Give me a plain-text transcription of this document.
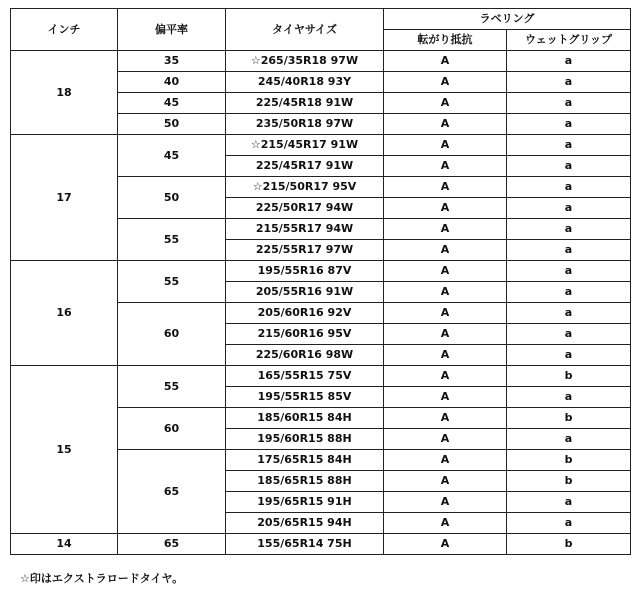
インチ	偏平率	タイヤサイズ	ラベリング	
			転がり抵抗	ウェットグリップ
18	35	☆265/35R18 97W	A	a
	40	245/40R18 93Y	A	a
	45	225/45R18 91W	A	a
	50	235/50R18 97W	A	a
17	45	☆215/45R17 91W	A	a
		225/45R17 91W	A	a
	50	☆215/50R17 95V	A	a
		225/50R17 94W	A	a
	55	215/55R17 94W	A	a
		225/55R17 97W	A	a
16	55	195/55R16 87V	A	a
		205/55R16 91W	A	a
	60	205/60R16 92V	A	a
		215/60R16 95V	A	a
		225/60R16 98W	A	a
15	55	165/55R15 75V	A	b
		195/55R15 85V	A	a
	60	185/60R15 84H	A	b
		195/60R15 88H	A	a
	65	175/65R15 84H	A	b
		185/65R15 88H	A	b
		195/65R15 91H	A	a
		205/65R15 94H	A	a
14	65	155/65R14 75H	A	b
☆印はエクストラロードタイヤ。
